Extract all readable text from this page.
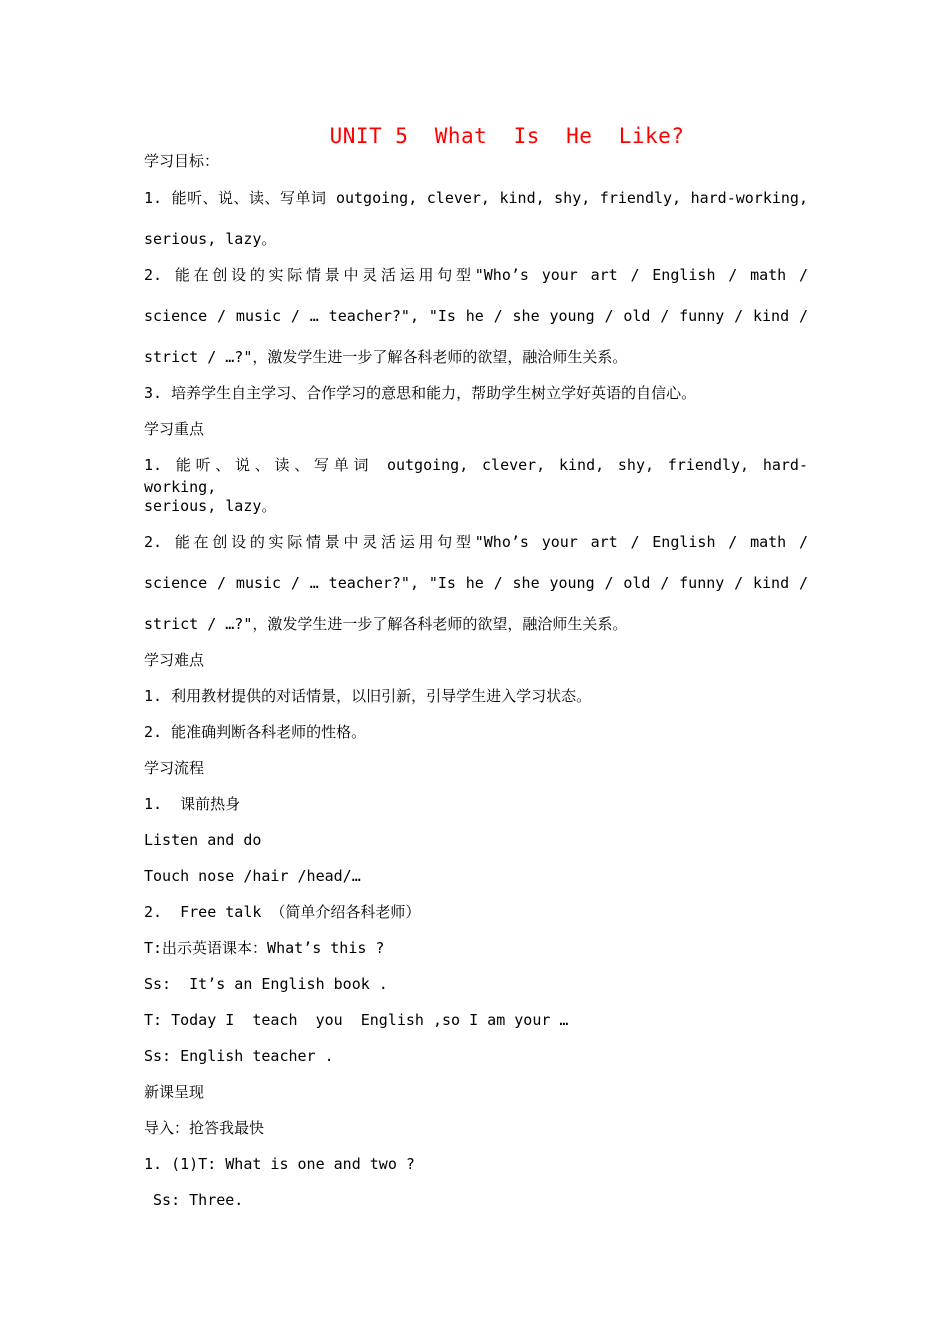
UNIT 5  What  Is  He  Like?
学习目标：
1. 能听、说、读、写单词 outgoing, clever, kind, shy, friendly, hard-working,
serious, lazy。
2. 能在创设的实际情景中灵活运用句型"Who’s your art / English / math /
science / music / … teacher?", "Is he / she young / old / funny / kind /
strict / …?"，激发学生进一步了解各科老师的欲望，融洽师生关系。
3. 培养学生自主学习、合作学习的意思和能力，帮助学生树立学好英语的自信心。
学习重点
1. 能听、说、读、写单词 outgoing, clever, kind, shy, friendly, hard- working,
serious, lazy。
2. 能在创设的实际情景中灵活运用句型"Who’s your art / English / math /
science / music / … teacher?", "Is he / she young / old / funny / kind /
strict / …?"，激发学生进一步了解各科老师的欲望，融洽师生关系。
学习难点
1. 利用教材提供的对话情景，以旧引新，引导学生进入学习状态。
2. 能准确判断各科老师的性格。
学习流程
1.  课前热身
Listen and do
Touch nose /hair /head/…
2.  Free talk （简单介绍各科老师）
T:出示英语课本：What’s this ?
Ss:  It’s an English book .
T: Today I  teach  you  English ,so I am your …
Ss: English teacher .
新课呈现
导入：抢答我最快
1. (1)T: What is one and two ?
Ss: Three.
